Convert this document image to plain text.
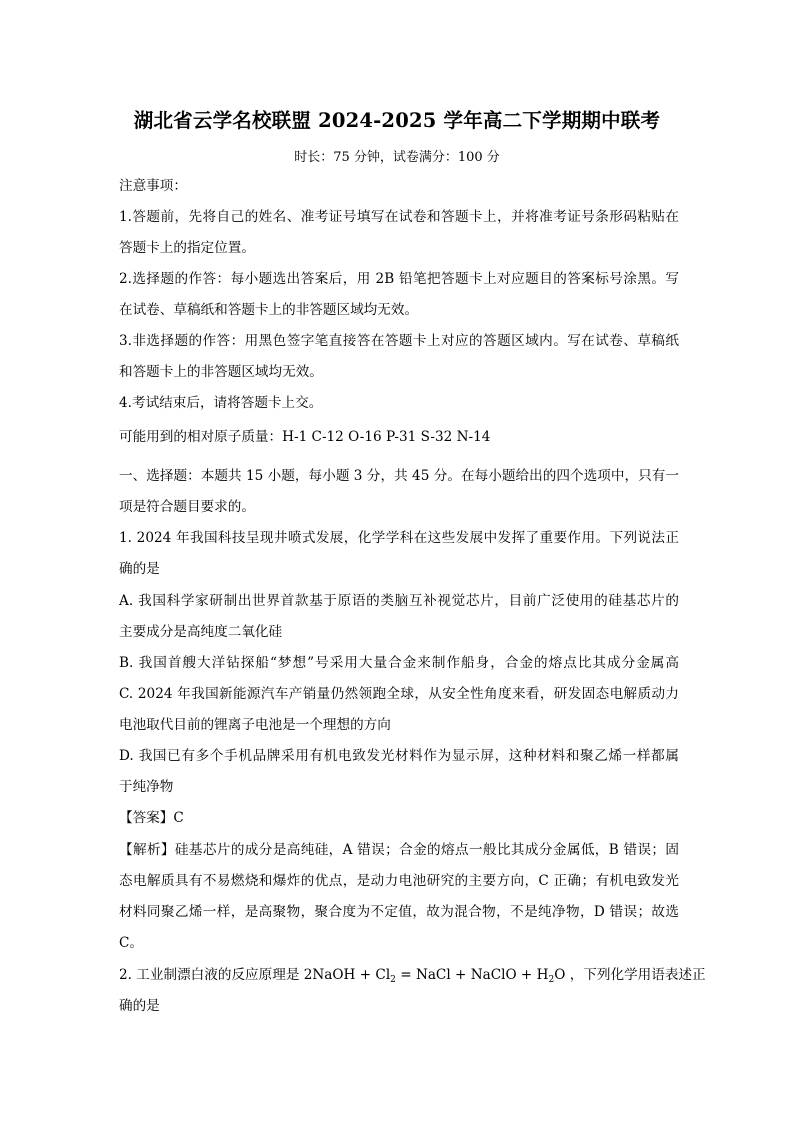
湖北省云学名校联盟 2024-2025 学年高二下学期期中联考
时长：75 分钟，试卷满分：100 分
注意事项：
1.答题前，先将自己的姓名、准考证号填写在试卷和答题卡上，并将准考证号条形码粘贴在
答题卡上的指定位置。
2.选择题的作答：每小题选出答案后，用 2B 铅笔把答题卡上对应题目的答案标号涂黑。写
在试卷、草稿纸和答题卡上的非答题区域均无效。
3.非选择题的作答：用黑色签字笔直接答在答题卡上对应的答题区域内。写在试卷、草稿纸
和答题卡上的非答题区域均无效。
4.考试结束后，请将答题卡上交。
可能用到的相对原子质量：H-1 C-12 O-16 P-31 S-32 N-14
一、选择题：本题共 15 小题，每小题 3 分，共 45 分。在每小题给出的四个选项中，只有一
项是符合题目要求的。
1. 2024 年我国科技呈现井喷式发展，化学学科在这些发展中发挥了重要作用。下列说法正
确的是
A. 我国科学家研制出世界首款基于原语的类脑互补视觉芯片，目前广泛使用的硅基芯片的
主要成分是高纯度二氧化硅
B. 我国首艘大洋钻探船“梦想”号采用大量合金来制作船身，合金的熔点比其成分金属高
C. 2024 年我国新能源汽车产销量仍然领跑全球，从安全性角度来看，研发固态电解质动力
电池取代目前的锂离子电池是一个理想的方向
D. 我国已有多个手机品牌采用有机电致发光材料作为显示屏，这种材料和聚乙烯一样都属
于纯净物
【答案】C
【解析】硅基芯片的成分是高纯硅，A 错误；合金的熔点一般比其成分金属低，B 错误；固
态电解质具有不易燃烧和爆炸的优点，是动力电池研究的主要方向，C 正确；有机电致发光
材料同聚乙烯一样，是高聚物，聚合度为不定值，故为混合物，不是纯净物，D 错误；故选
C。
2. 工业制漂白液的反应原理是 2NaOH + $Cl_2$ = NaCl + NaClO + $H_2O$ ，下列化学用语表述正
确的是
